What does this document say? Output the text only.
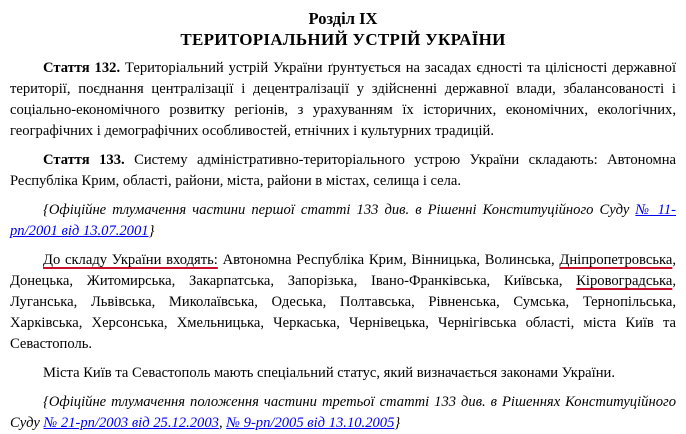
Розділ IX
ТЕРИТОРІАЛЬНИЙ УСТРІЙ УКРАЇНИ

Стаття 132. Територіальний устрій України ґрунтується на засадах єдності та цілісності державної території, поєднання централізації і децентралізації у здійсненні державної влади, збалансованості і соціально-економічного розвитку регіонів, з урахуванням їх історичних, економічних, екологічних, географічних і демографічних особливостей, етнічних і культурних традицій.

Стаття 133. Систему адміністративно-територіального устрою України складають: Автономна Республіка Крим, області, райони, міста, райони в містах, селища і села.

{Офіційне тлумачення частини першої статті 133 див. в Рішенні Конституційного Суду № 11-рп/2001 від 13.07.2001}

До складу України входять: Автономна Республіка Крим, Вінницька, Волинська, Дніпропетровська, Донецька, Житомирська, Закарпатська, Запорізька, Івано-Франківська, Київська, Кіровоградська, Луганська, Львівська, Миколаївська, Одеська, Полтавська, Рівненська, Сумська, Тернопільська, Харківська, Херсонська, Хмельницька, Черкаська, Чернівецька, Чернігівська області, міста Київ та Севастополь.

Міста Київ та Севастополь мають спеціальний статус, який визначається законами України.

{Офіційне тлумачення положення частини третьої статті 133 див. в Рішеннях Конституційного Суду № 21-рп/2003 від 25.12.2003, № 9-рп/2005 від 13.10.2005}
